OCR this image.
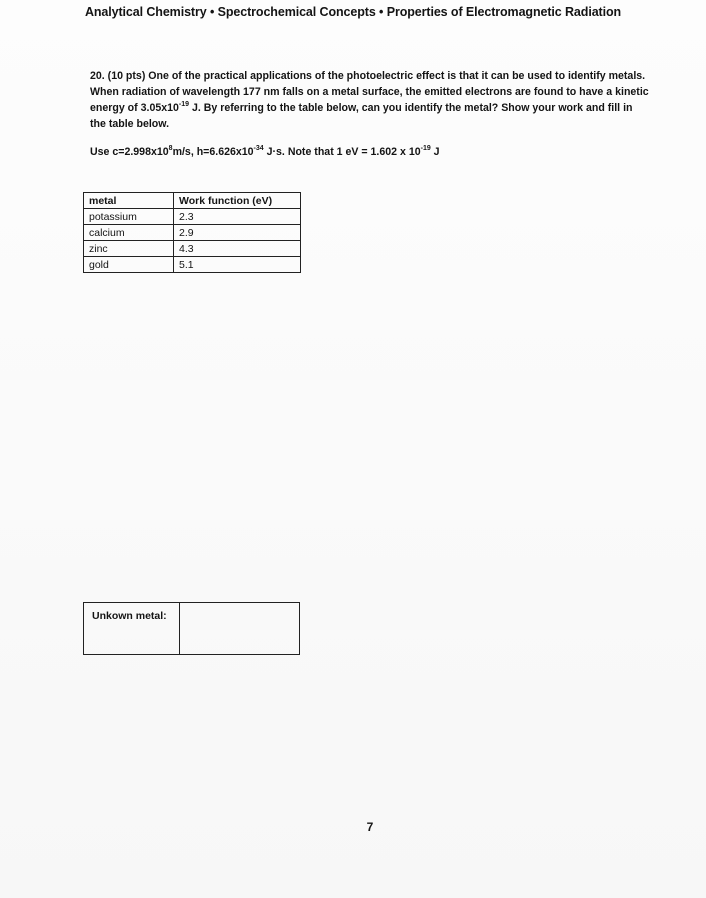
Analytical Chemistry • Spectrochemical Concepts • Properties of Electromagnetic Radiation
20. (10 pts) One of the practical applications of the photoelectric effect is that it can be used to identify metals. When radiation of wavelength 177 nm falls on a metal surface, the emitted electrons are found to have a kinetic energy of $3.05x10^{-19}$ J. By referring to the table below, can you identify the metal? Show your work and fill in the table below.
Use $c=2.998x10^8m/s$, $h=6.626x10^{-34}$ J·s. Note that 1 eV = 1.602 x $10^{-19}$ J
metal	Work function (eV)
potassium	2.3
calcium	2.9
zinc	4.3
gold	5.1
Unkown metal:
7
